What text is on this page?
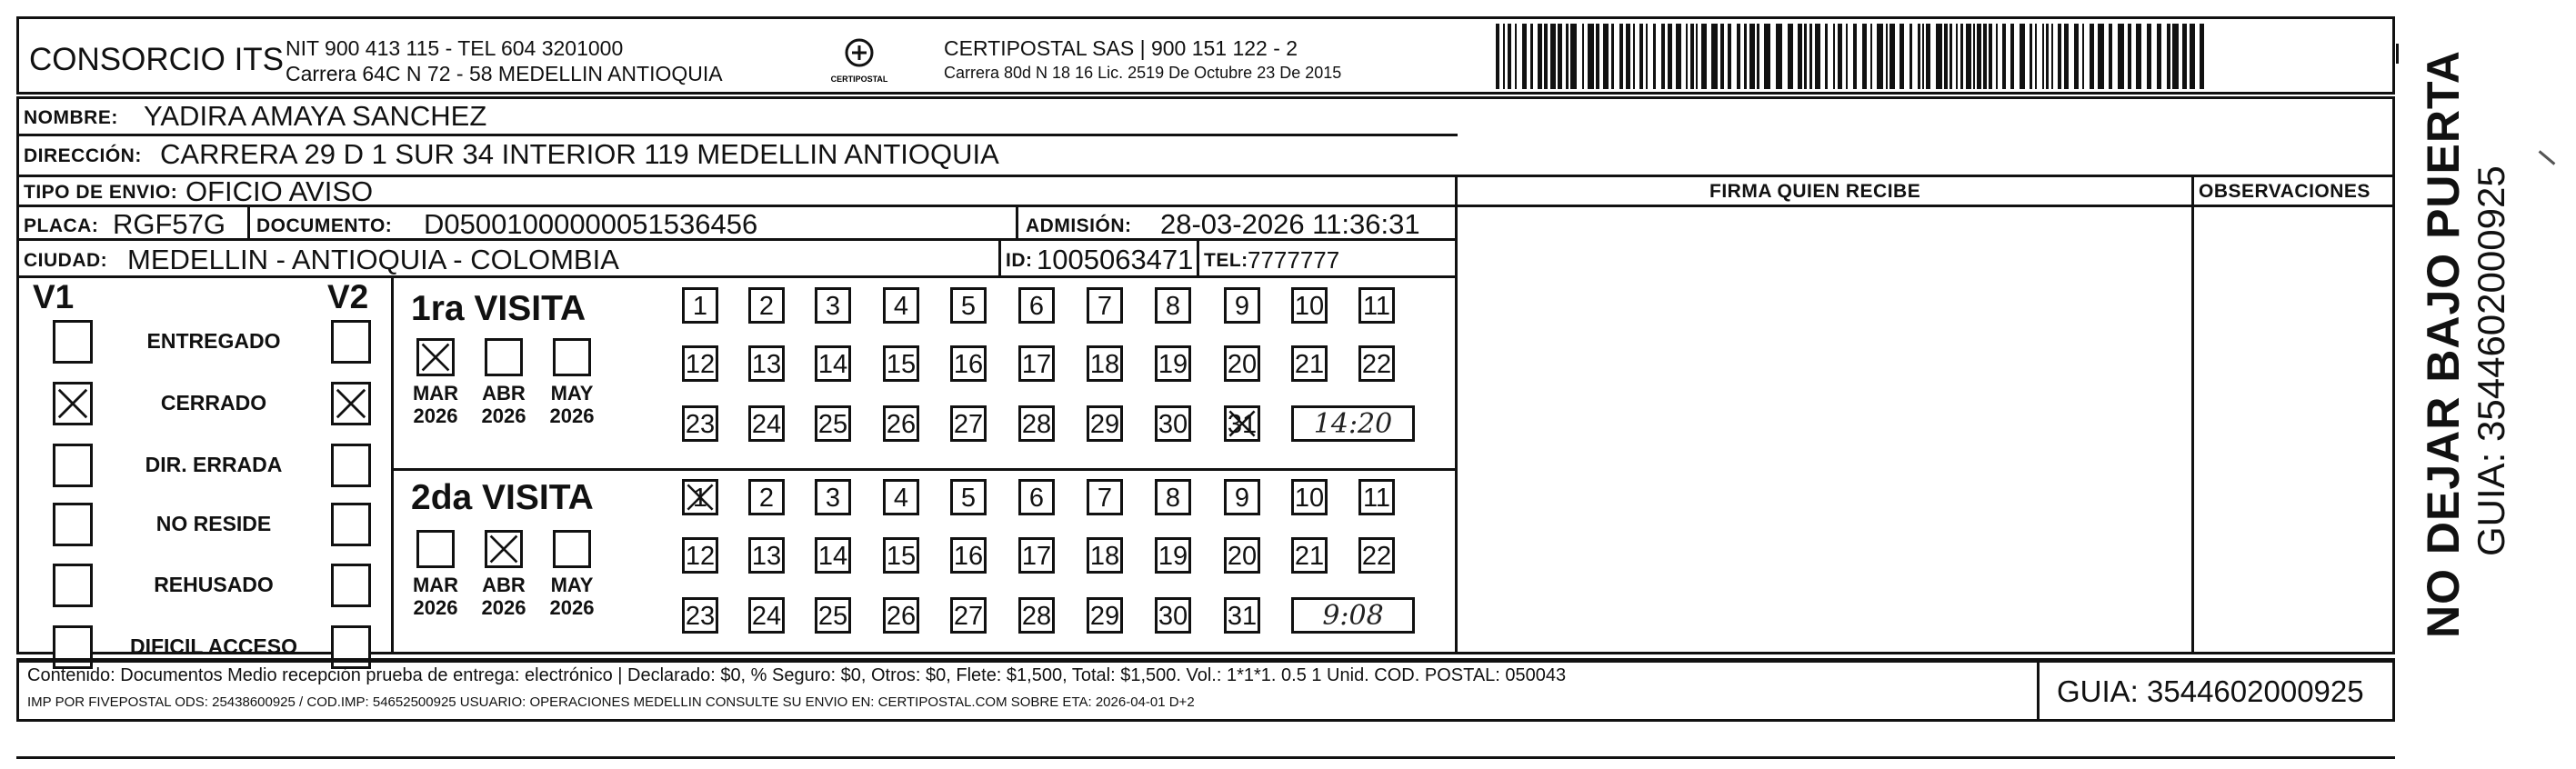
CONSORCIO ITS NIT 900 413 115 - TEL 604 3201000
Carrera 64C N 72 - 58 MEDELLIN ANTIOQUIA	CERTIPOSTAL
CERTIPOSTAL SAS | 900 151 122 - 2
Carrera 80d N 18 16 Lic. 2519 De Octubre 23 De 2015
NOMBRE: YADIRA AMAYA SANCHEZ
DIRECCIÓN: CARRERA 29 D 1 SUR 34 INTERIOR 119 MEDELLIN ANTIOQUIA
TIPO DE ENVIO: OFICIO AVISO	FIRMA QUIEN RECIBE	OBSERVACIONES
PLACA: RGF57G DOCUMENTO: D05001000000051536456	ADMISIÓN: 28-03-2026 11:36:31
CIUDAD: MEDELLIN - ANTIOQUIA - COLOMBIA	ID: 1005063471 TEL: 7777777
V1	V2
ENTREGADO
CERRADO
DIR. ERRADA
NO RESIDE
REHUSADO
DIFICIL ACCESO
1ra VISITA
2da VISITA
MAR
2026
ABR
2026
MAY
2026
1	2	3	4	5	6	7	8	9	10 11
12 13 14 15 16 17 18 19 20 21 22
23 24 25 26 27 28 29 30 31	14:20
MAR
2026
ABR
2026
MAY
2026
1	2	3	4	5	6	7	8	9	10 11
12 13 14 15 16 17 18 19 20 21 22
23 24 25 26 27 28 29 30 31	9:08
Contenido: Documentos Medio recepción prueba de entrega: electrónico | Declarado: $0, % Seguro: $0, Otros: $0, Flete: $1,500, Total: $1,500. Vol.: 1*1*1. 0.5 1 Unid. COD. POSTAL: 050043
IMP POR FIVEPOSTAL ODS: 25438600925 / COD.IMP: 54652500925 USUARIO: OPERACIONES MEDELLIN CONSULTE SU ENVIO EN: CERTIPOSTAL.COM SOBRE ETA: 2026-04-01 D+2	GUIA: 3544602000925
NO DEJAR BAJO PUERTA GUIA: 3544602000925
